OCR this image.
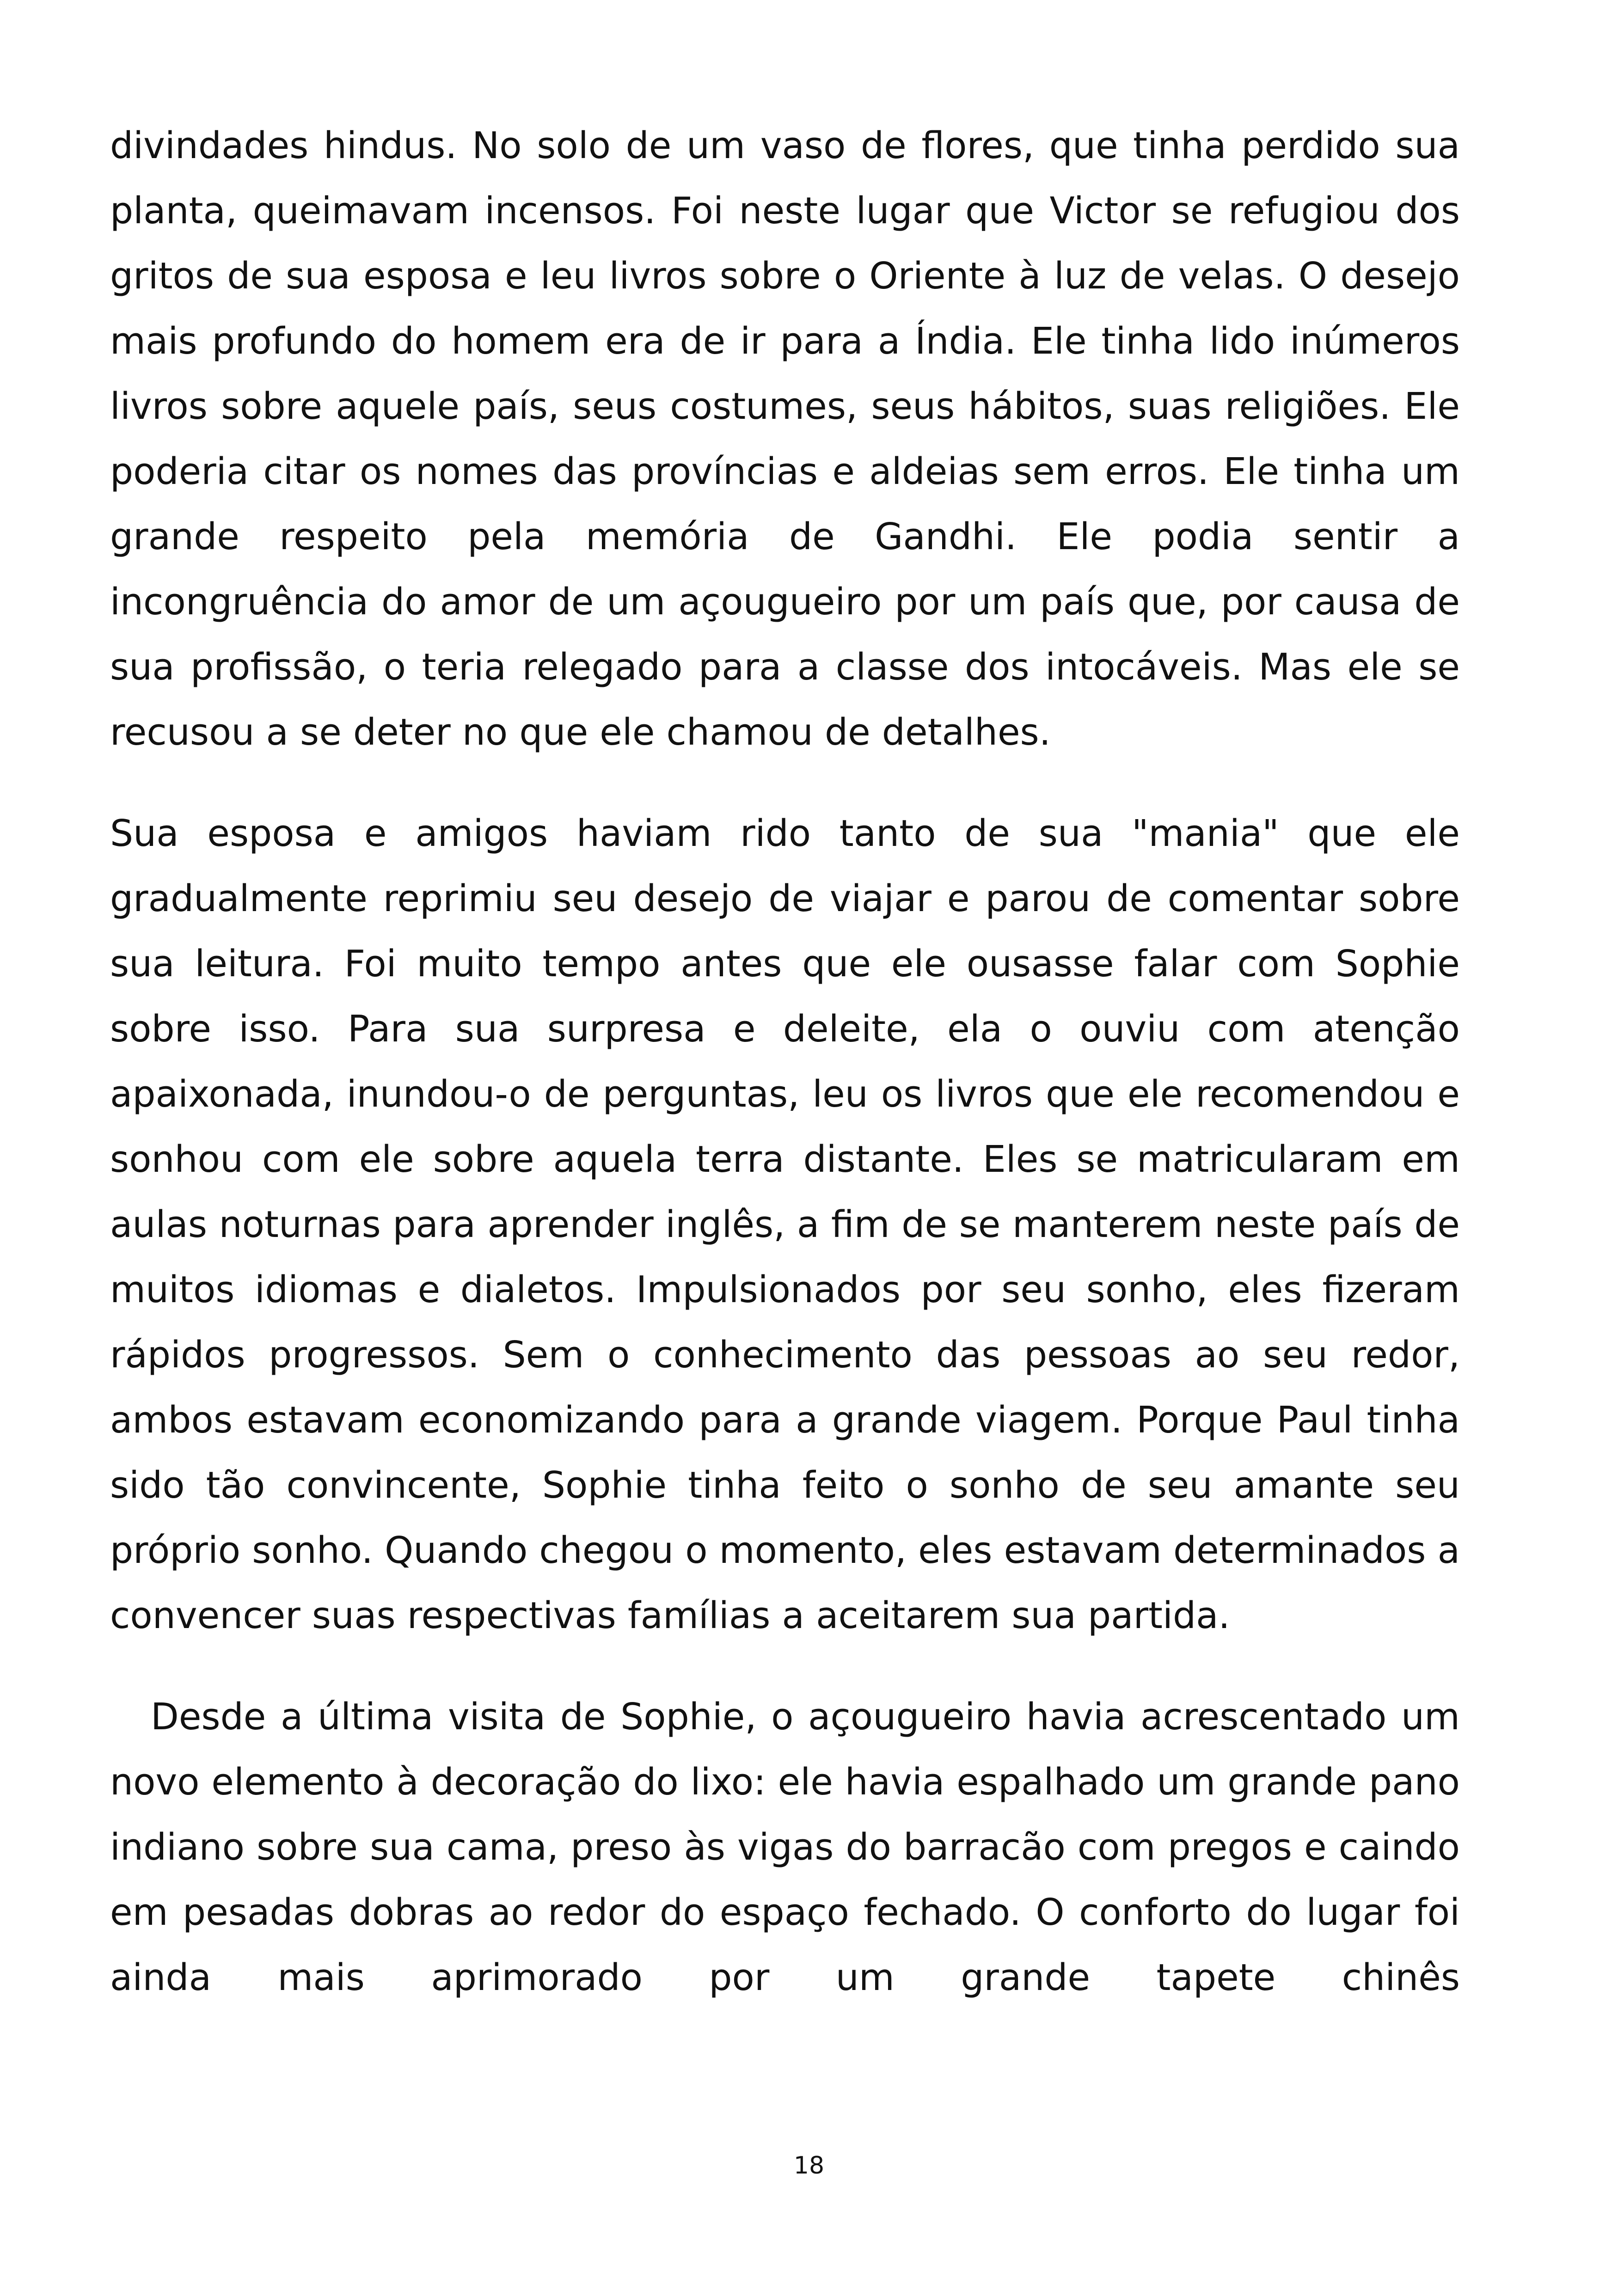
divindades hindus. No solo de um vaso de flores, que tinha perdido sua planta, queimavam incensos. Foi neste lugar que Victor se refugiou dos gritos de sua esposa e leu livros sobre o Oriente à luz de velas. O desejo mais profundo do homem era de ir para a Índia. Ele tinha lido inúmeros livros sobre aquele país, seus costumes, seus hábitos, suas religiões. Ele poderia citar os nomes das províncias e aldeias sem erros. Ele tinha um grande respeito pela memória de Gandhi. Ele podia sentir a incongruência do amor de um açougueiro por um país que, por causa de sua profissão, o teria relegado para a classe dos intocáveis. Mas ele se recusou a se deter no que ele chamou de detalhes.

Sua esposa e amigos haviam rido tanto de sua "mania" que ele gradualmente reprimiu seu desejo de viajar e parou de comentar sobre sua leitura. Foi muito tempo antes que ele ousasse falar com Sophie sobre isso. Para sua surpresa e deleite, ela o ouviu com atenção apaixonada, inundou-o de perguntas, leu os livros que ele recomendou e sonhou com ele sobre aquela terra distante. Eles se matricularam em aulas noturnas para aprender inglês, a fim de se manterem neste país de muitos idiomas e dialetos. Impulsionados por seu sonho, eles fizeram rápidos progressos. Sem o conhecimento das pessoas ao seu redor, ambos estavam economizando para a grande viagem. Porque Paul tinha sido tão convincente, Sophie tinha feito o sonho de seu amante seu próprio sonho. Quando chegou o momento, eles estavam determinados a convencer suas respectivas famílias a aceitarem sua partida.

Desde a última visita de Sophie, o açougueiro havia acrescentado um novo elemento à decoração do lixo: ele havia espalhado um grande pano indiano sobre sua cama, preso às vigas do barracão com pregos e caindo em pesadas dobras ao redor do espaço fechado. O conforto do lugar foi ainda mais aprimorado por um grande tapete chinês

18
